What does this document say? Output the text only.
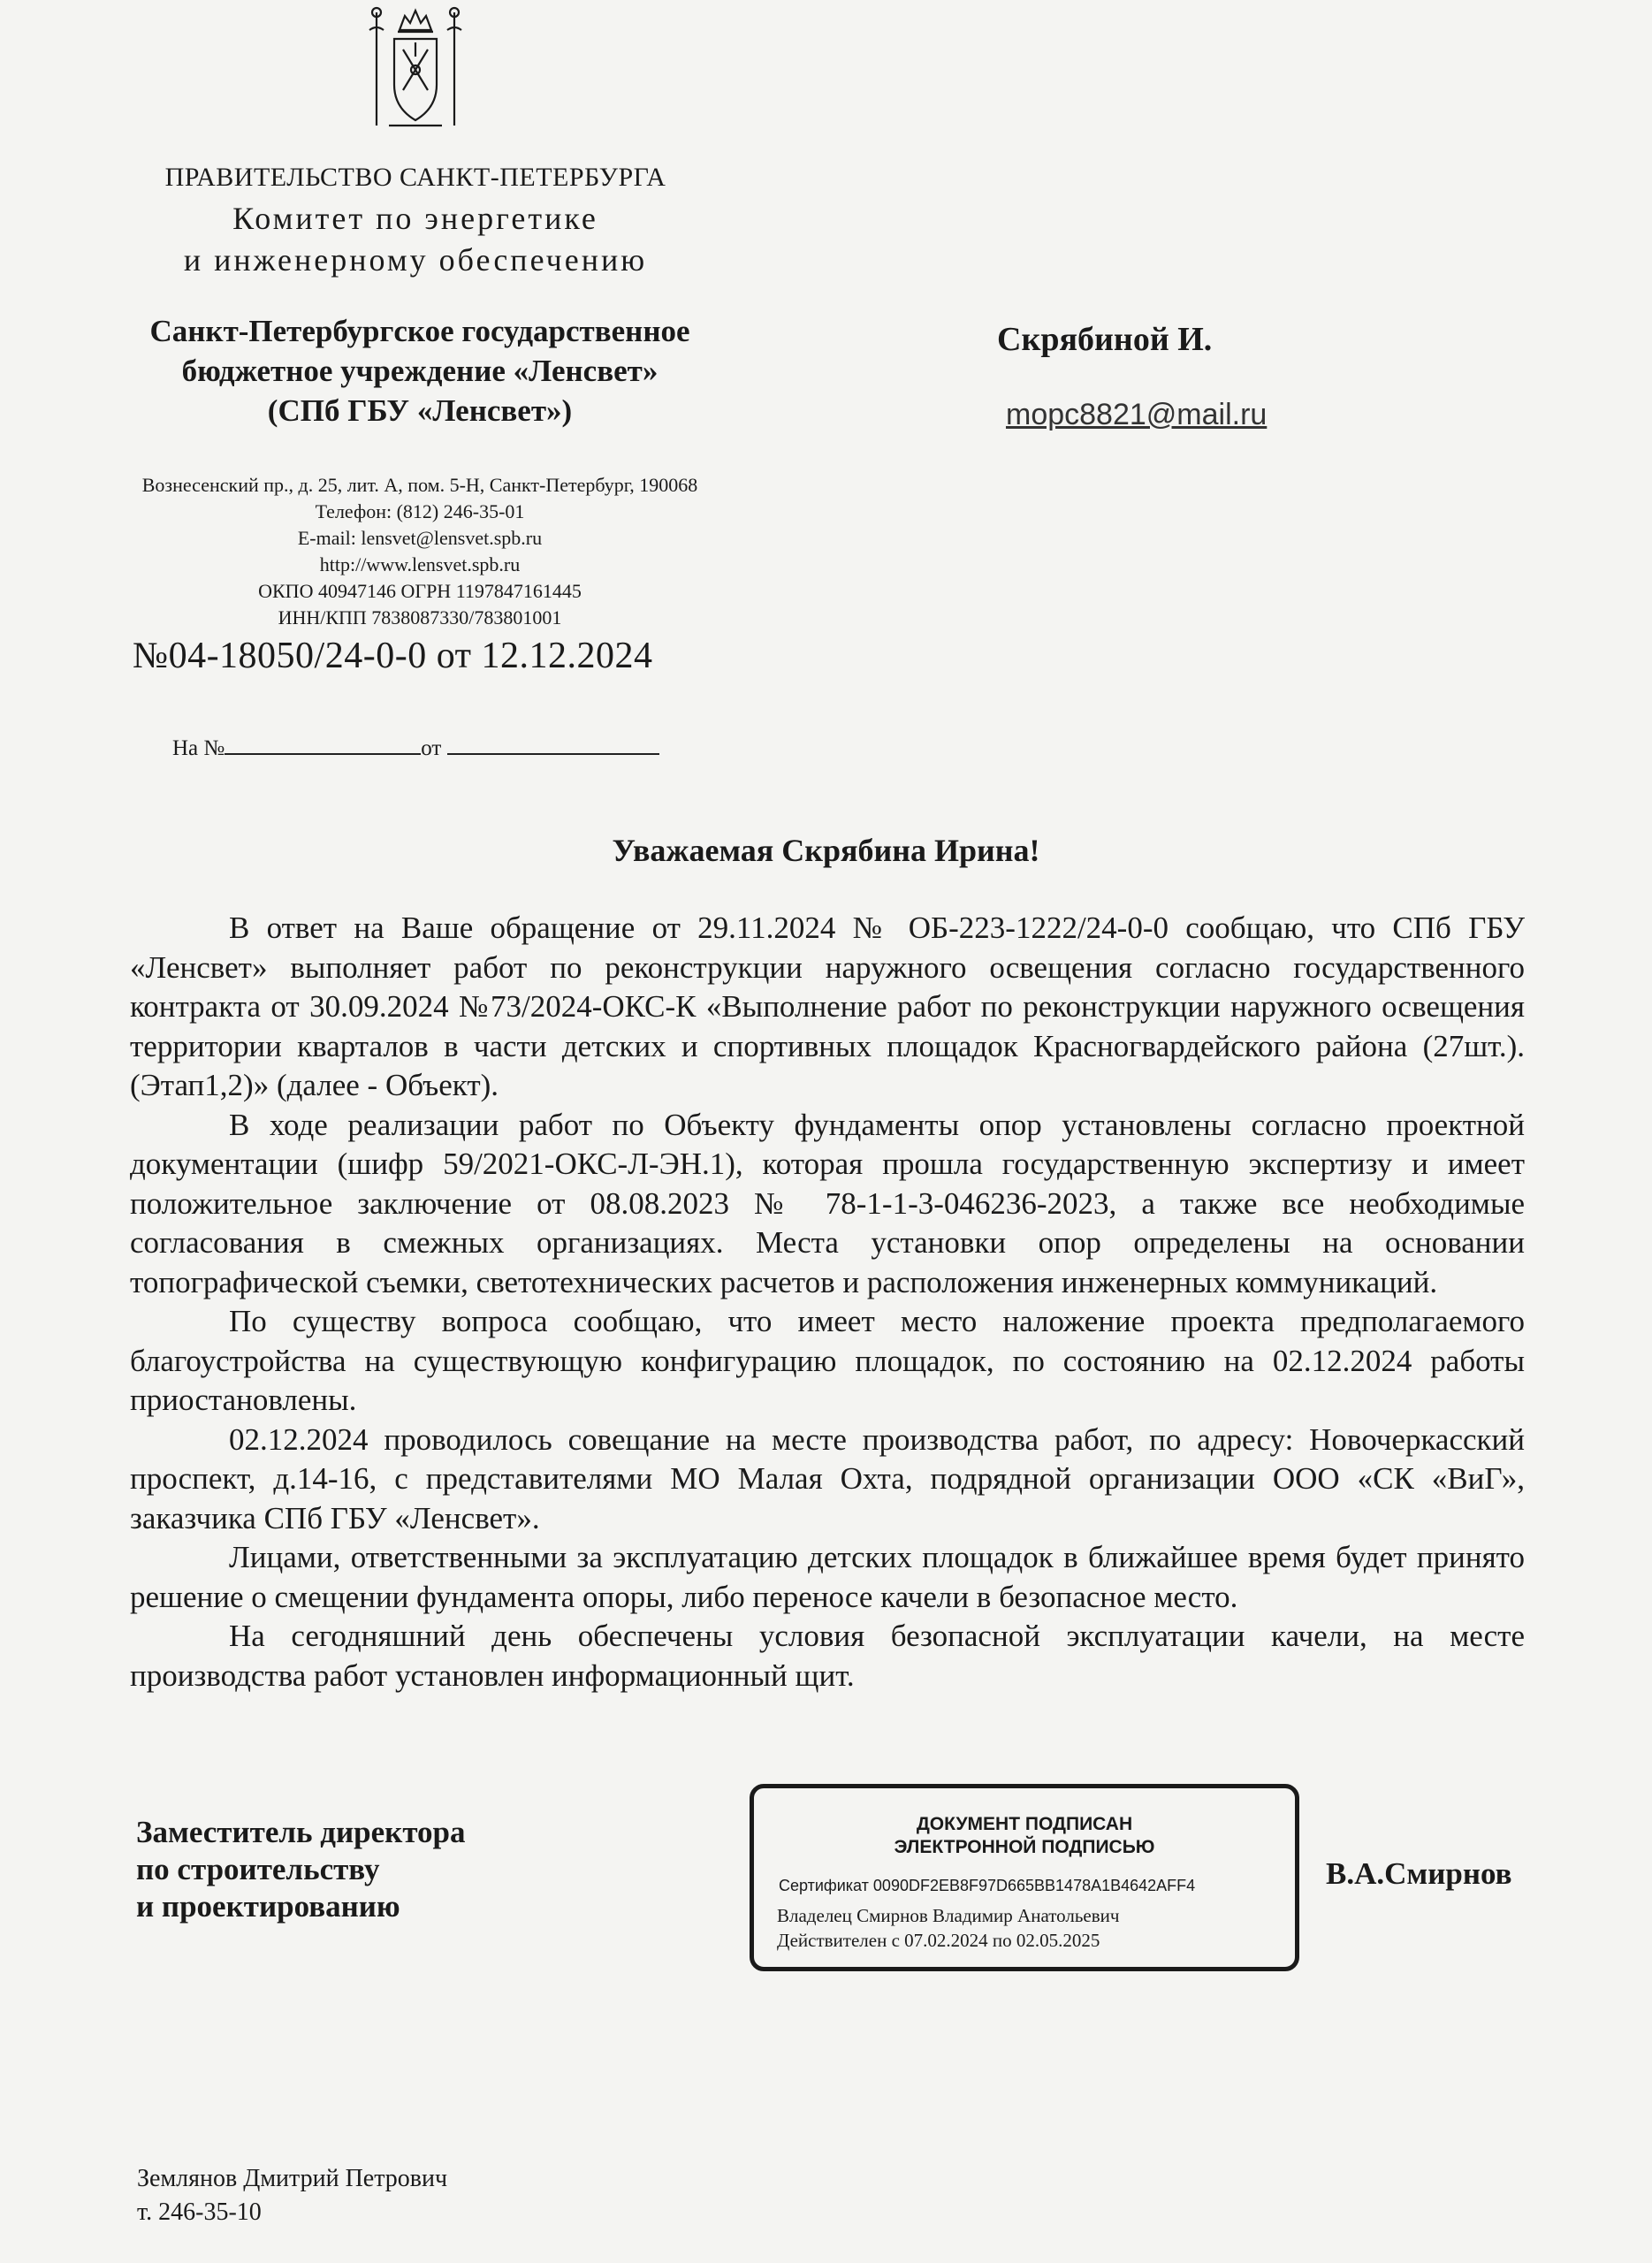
ПРАВИТЕЛЬСТВО САНКТ-ПЕТЕРБУРГА
Комитет по энергетике
и инженерному обеспечению
Санкт-Петербургское государственное
бюджетное учреждение «Ленсвет»
(СПб ГБУ «Ленсвет»)
Вознесенский пр., д. 25, лит. А, пом. 5-Н, Санкт-Петербург, 190068
Телефон: (812) 246-35-01
E-mail: lensvet@lensvet.spb.ru
http://www.lensvet.spb.ru
ОКПО 40947146 ОГРН 1197847161445
ИНН/КПП 7838087330/783801001
№04-18050/24-0-0 от 12.12.2024
На №	от
Скрябиной И.
mopc8821@mail.ru
Уважаемая Скрябина Ирина!

В ответ на Ваше обращение от 29.11.2024 № ОБ-223-1222/24-0-0 сообщаю, что СПб ГБУ «Ленсвет» выполняет работ по реконструкции наружного освещения согласно государственного контракта от 30.09.2024 №73/2024-ОКС-К «Выполнение работ по реконструкции наружного освещения территории кварталов в части детских и спортивных площадок Красногвардейского района (27шт.).(Этап1,2)» (далее - Объект).

В ходе реализации работ по Объекту фундаменты опор установлены согласно проектной документации (шифр 59/2021-ОКС-Л-ЭН.1), которая прошла государственную экспертизу и имеет положительное заключение от 08.08.2023 № 78-1-1-3-046236-2023, а также все необходимые согласования в смежных организациях. Места установки опор определены на основании топографической съемки, светотехнических расчетов и расположения инженерных коммуникаций.

По существу вопроса сообщаю, что имеет место наложение проекта предполагаемого благоустройства на существующую конфигурацию площадок, по состоянию на 02.12.2024 работы приостановлены.

02.12.2024 проводилось совещание на месте производства работ, по адресу: Новочеркасский проспект, д.14-16, с представителями МО Малая Охта, подрядной организации ООО «СК «ВиГ», заказчика СПб ГБУ «Ленсвет».

Лицами, ответственными за эксплуатацию детских площадок в ближайшее время будет принято решение о смещении фундамента опоры, либо переносе качели в безопасное место.

На сегодняшний день обеспечены условия безопасной эксплуатации качели, на месте производства работ установлен информационный щит.

Заместитель директора
по строительству
и проектированию
ДОКУМЕНТ ПОДПИСАН
ЭЛЕКТРОННОЙ ПОДПИСЬЮ
Сертификат 0090DF2EB8F97D665BB1478A1B4642AFF4
Владелец Смирнов Владимир Анатольевич
Действителен с 07.02.2024 по 02.05.2025
В.А.Смирнов
Землянов Дмитрий Петрович
т. 246-35-10
